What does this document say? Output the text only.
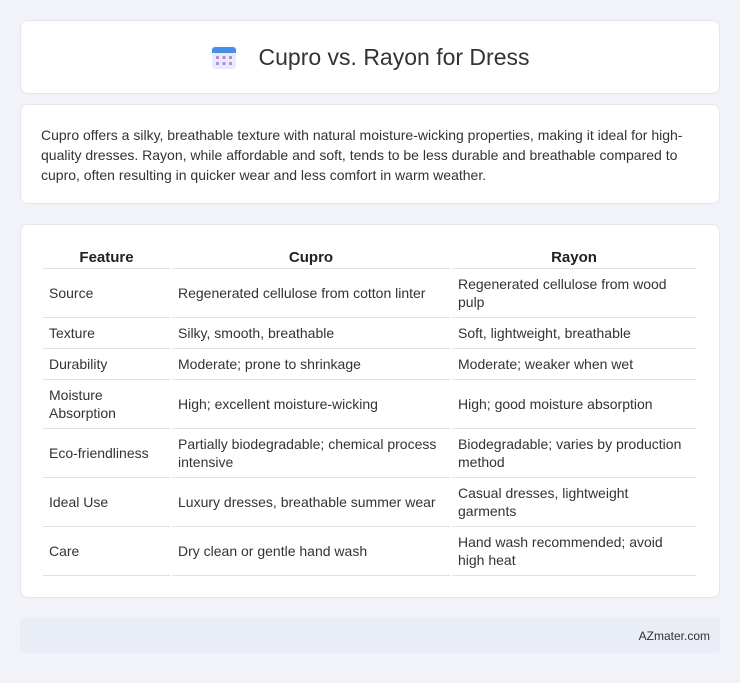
Cupro vs. Rayon for Dress

Cupro offers a silky, breathable texture with natural moisture-wicking properties, making it ideal for high-quality dresses. Rayon, while affordable and soft, tends to be less durable and breathable compared to cupro, often resulting in quicker wear and less comfort in warm weather.

Feature	Cupro	Rayon
Source	Regenerated cellulose from cotton linter	Regenerated cellulose from wood pulp
Texture	Silky, smooth, breathable	Soft, lightweight, breathable
Durability	Moderate; prone to shrinkage	Moderate; weaker when wet
Moisture Absorption	High; excellent moisture-wicking	High; good moisture absorption
Eco-friendliness	Partially biodegradable; chemical process intensive	Biodegradable; varies by production method
Ideal Use	Luxury dresses, breathable summer wear	Casual dresses, lightweight garments
Care	Dry clean or gentle hand wash	Hand wash recommended; avoid high heat
AZmater.com
